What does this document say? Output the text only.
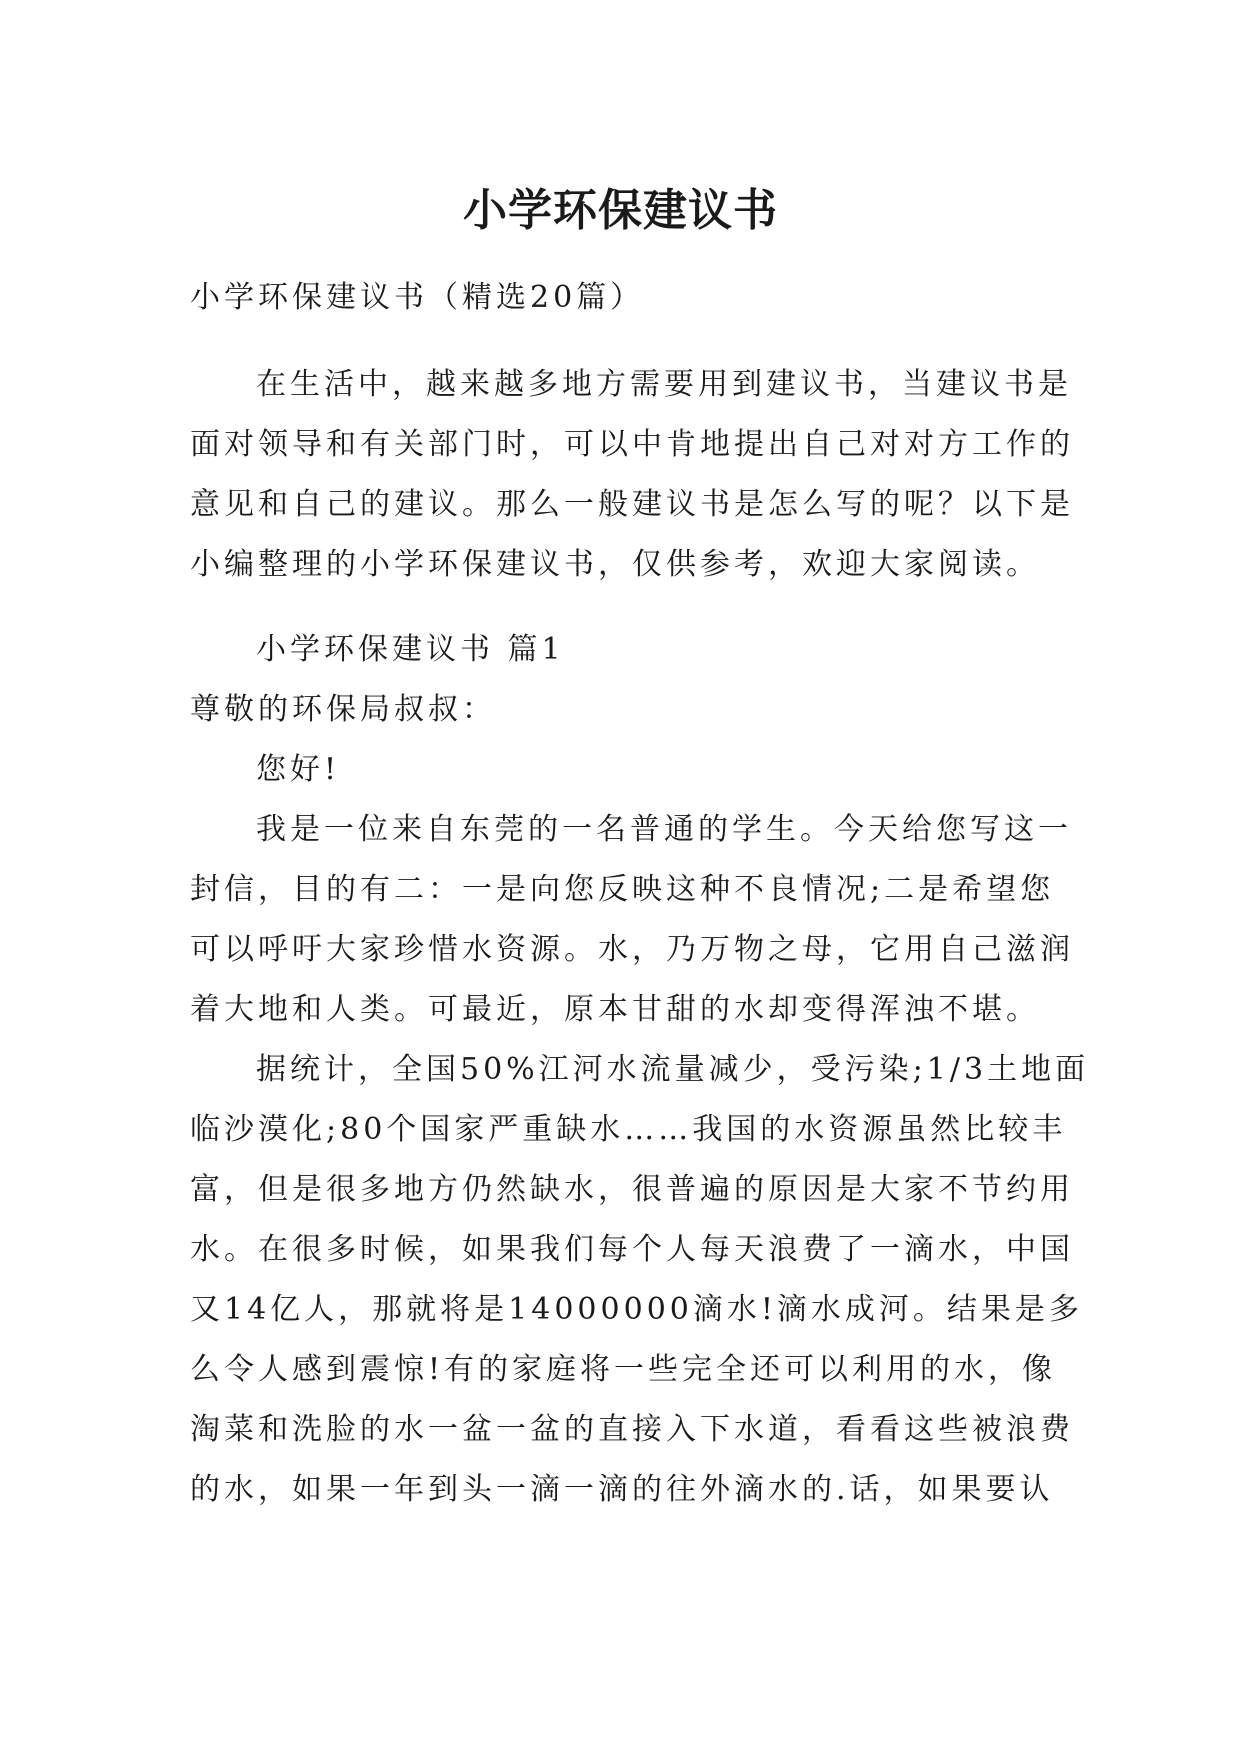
小学环保建议书

小学环保建议书（精选20篇）

在生活中，越来越多地方需要用到建议书，当建议书是
面对领导和有关部门时，可以中肯地提出自己对对方工作的
意见和自己的建议。那么一般建议书是怎么写的呢？以下是
小编整理的小学环保建议书，仅供参考，欢迎大家阅读。

小学环保建议书 篇1
尊敬的环保局叔叔：
您好!
我是一位来自东莞的一名普通的学生。今天给您写这一
封信，目的有二：一是向您反映这种不良情况;二是希望您
可以呼吁大家珍惜水资源。水，乃万物之母，它用自己滋润
着大地和人类。可最近，原本甘甜的水却变得浑浊不堪。
据统计，全国50%江河水流量减少，受污染;1/3土地面
临沙漠化;80个国家严重缺水……我国的水资源虽然比较丰
富，但是很多地方仍然缺水，很普遍的原因是大家不节约用
水。在很多时候，如果我们每个人每天浪费了一滴水，中国
又14亿人，那就将是14000000滴水!滴水成河。结果是多
么令人感到震惊!有的家庭将一些完全还可以利用的水，像
淘菜和洗脸的水一盆一盆的直接入下水道，看看这些被浪费
的水，如果一年到头一滴一滴的往外滴水的.话，如果要认
